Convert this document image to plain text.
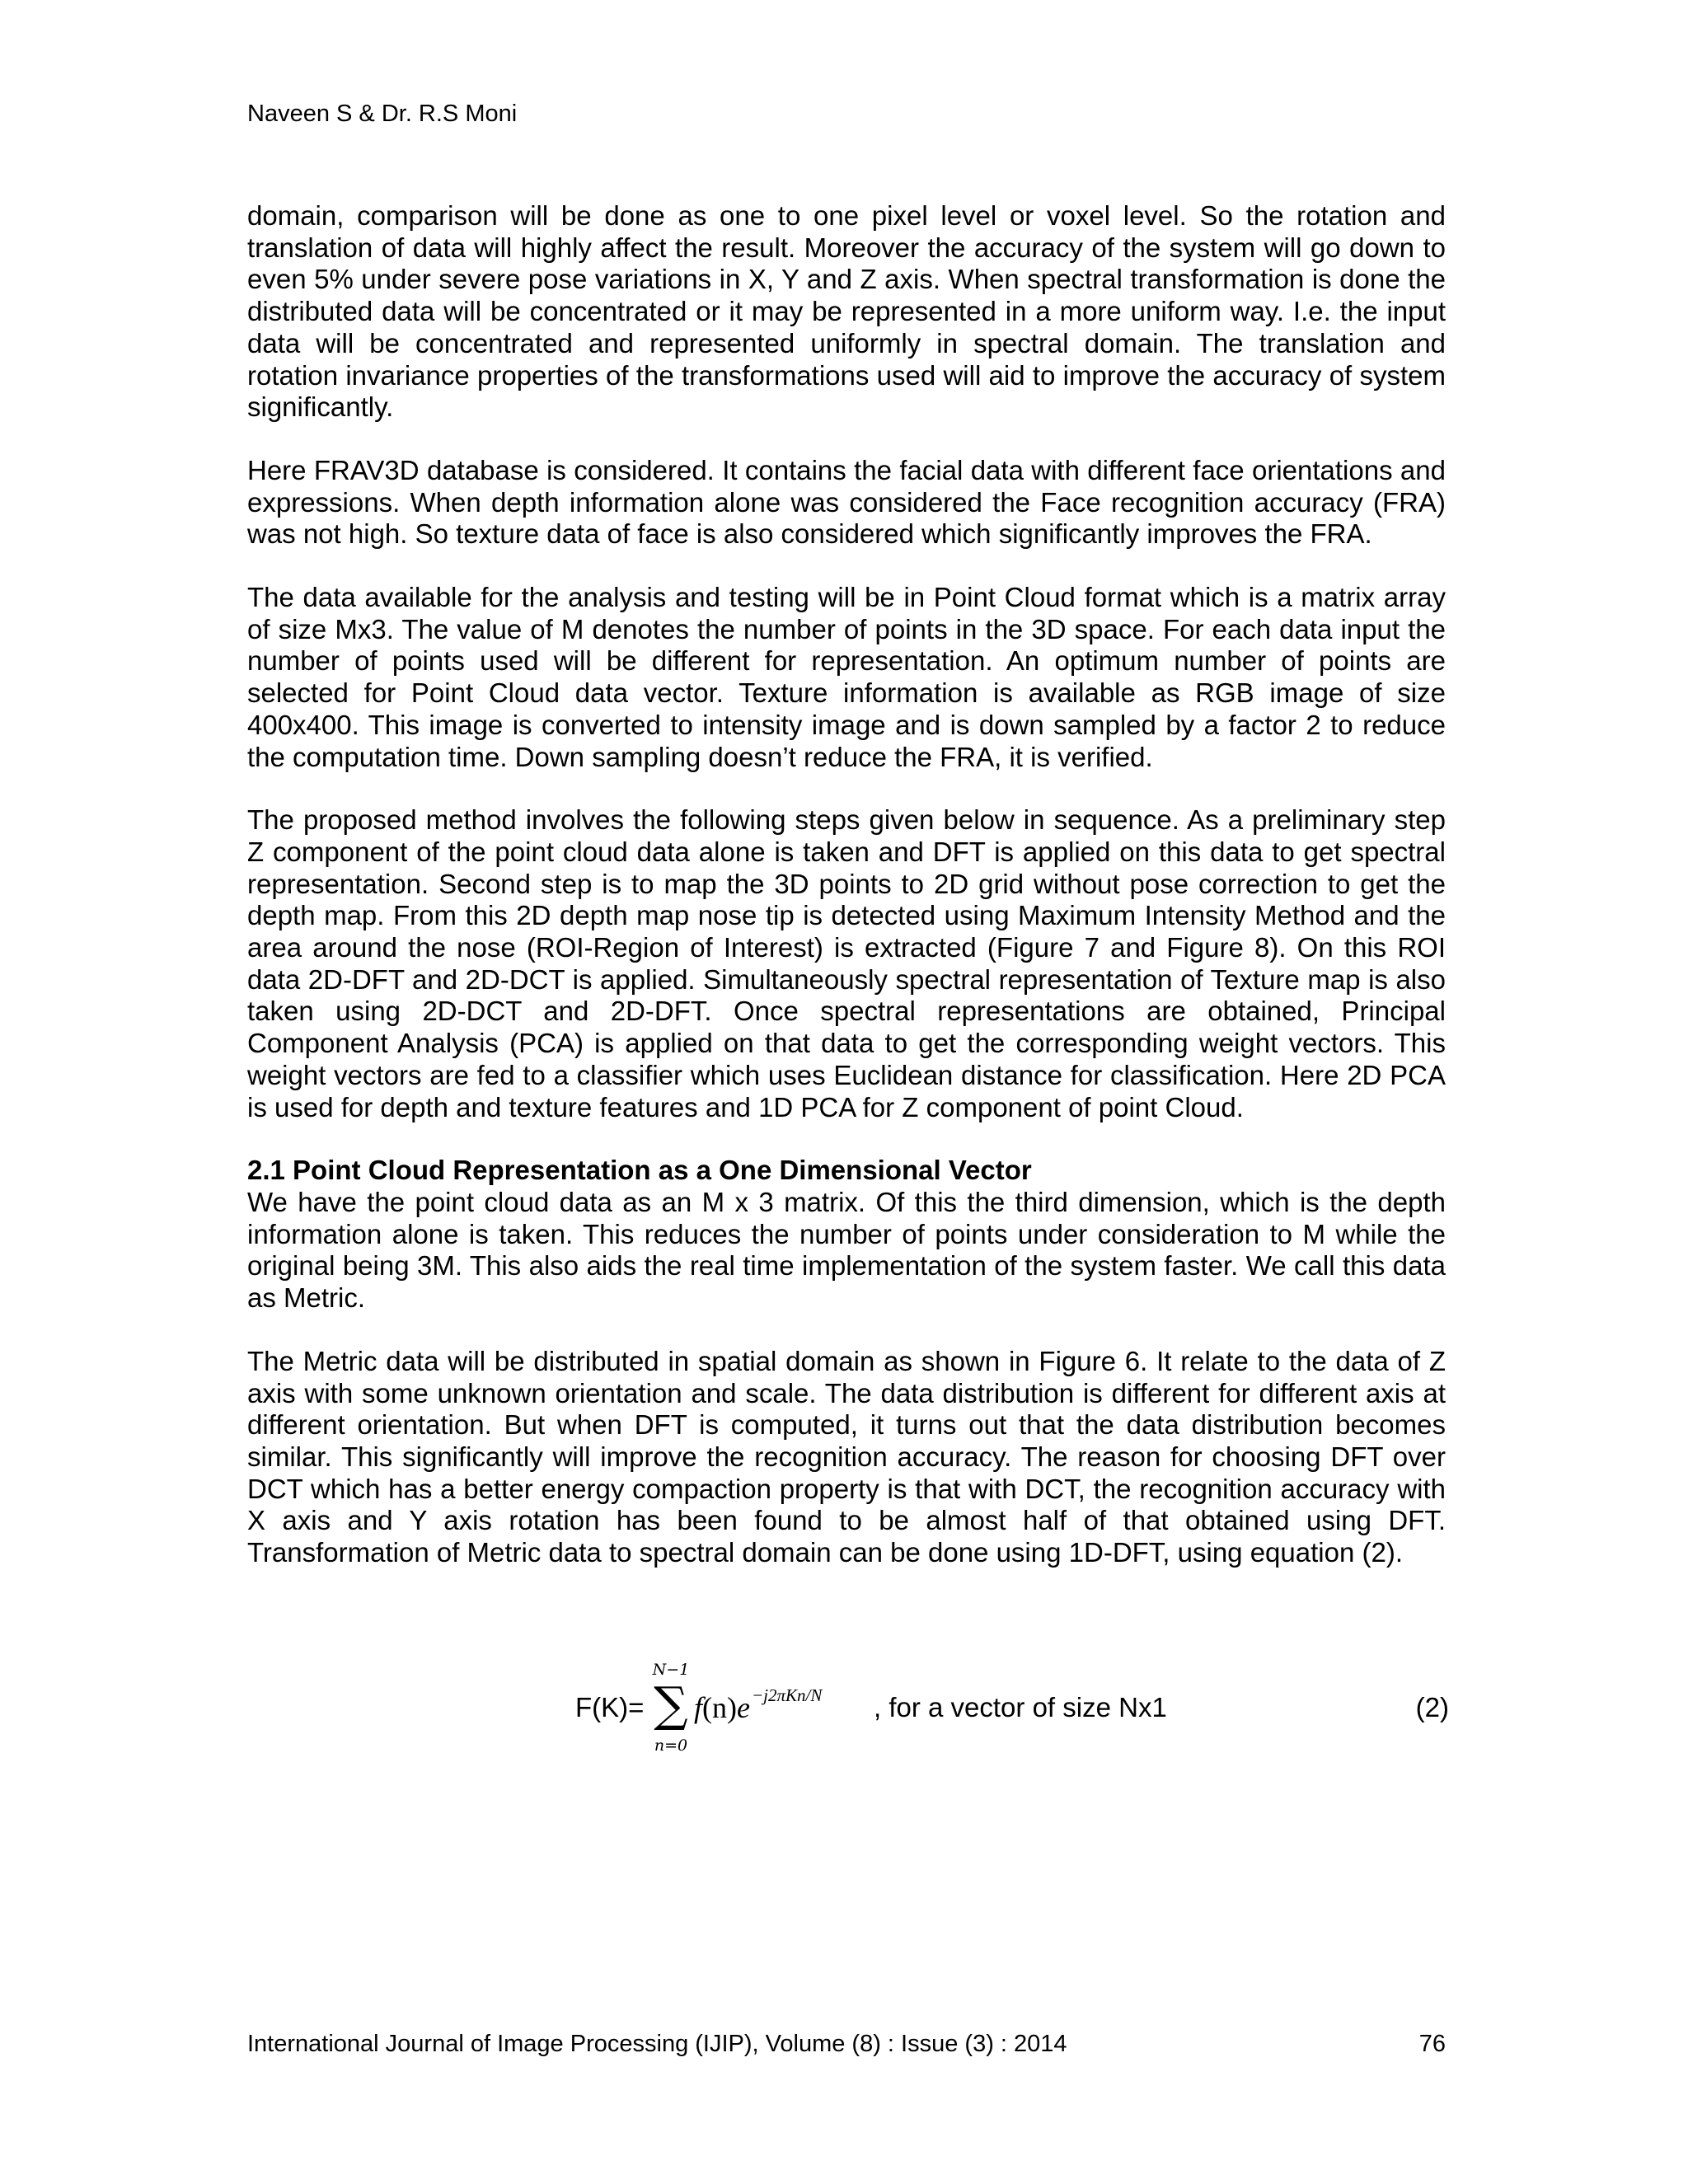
Naveen S & Dr. R.S Moni

domain, comparison will be done as one to one pixel level or voxel level. So the rotation and translation of data will highly affect the result. Moreover the accuracy of the system will go down to even 5% under severe pose variations in X, Y and Z axis. When spectral transformation is done the distributed data will be concentrated or it may be represented in a more uniform way. I.e. the input data will be concentrated and represented uniformly in spectral domain. The translation and rotation invariance properties of the transformations used will aid to improve the accuracy of system significantly.

Here FRAV3D database is considered. It contains the facial data with different face orientations and expressions. When depth information alone was considered the Face recognition accuracy (FRA) was not high. So texture data of face is also considered which significantly improves the FRA.

The data available for the analysis and testing will be in Point Cloud format which is a matrix array of size Mx3. The value of M denotes the number of points in the 3D space. For each data input the number of points used will be different for representation. An optimum number of points are selected for Point Cloud data vector. Texture information is available as RGB image of size 400x400. This image is converted to intensity image and is down sampled by a factor 2 to reduce the computation time. Down sampling doesn’t reduce the FRA, it is verified.

The proposed method involves the following steps given below in sequence. As a preliminary step Z component of the point cloud data alone is taken and DFT is applied on this data to get spectral representation. Second step is to map the 3D points to 2D grid without pose correction to get the depth map. From this 2D depth map nose tip is detected using Maximum Intensity Method and the area around the nose (ROI-Region of Interest) is extracted (Figure 7 and Figure 8). On this ROI data 2D-DFT and 2D-DCT is applied. Simultaneously spectral representation of Texture map is also taken using 2D-DCT and 2D-DFT. Once spectral representations are obtained, Principal Component Analysis (PCA) is applied on that data to get the corresponding weight vectors. This weight vectors are fed to a classifier which uses Euclidean distance for classification. Here 2D PCA is used for depth and texture features and 1D PCA for Z component of point Cloud.

2.1 Point Cloud Representation as a One Dimensional Vector

We have the point cloud data as an M x 3 matrix. Of this the third dimension, which is the depth information alone is taken. This reduces the number of points under consideration to M while the original being 3M. This also aids the real time implementation of the system faster. We call this data as Metric.

The Metric data will be distributed in spatial domain as shown in Figure 6. It relate to the data of Z axis with some unknown orientation and scale. The data distribution is different for different axis at different orientation. But when DFT is computed, it turns out that the data distribution becomes similar. This significantly will improve the recognition accuracy. The reason for choosing DFT over DCT which has a better energy compaction property is that with DCT, the recognition accuracy with X axis and Y axis rotation has been found to be almost half of that obtained using DFT. Transformation of Metric data to spectral domain can be done using 1D-DFT, using equation (2).

F(K)=
N−1
∑
n=0
$f(n)e^{-j2\pi Kn/N}$ , for a vector of size Nx1	(2)
International Journal of Image Processing (IJIP), Volume (8) : Issue (3) : 2014	76
